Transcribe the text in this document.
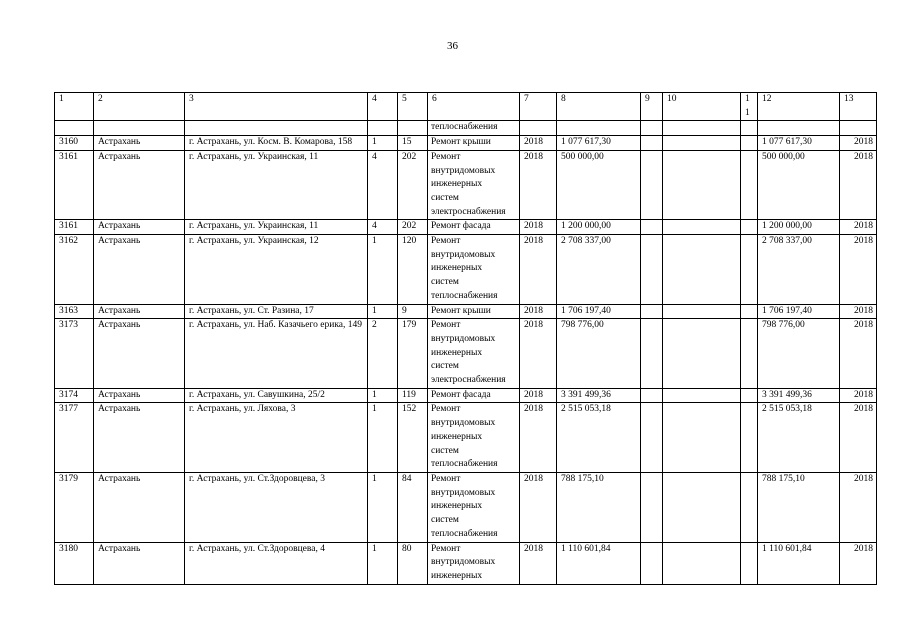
36
1	2	3	4	5	6	7	8	9	10	11	12	13
					теплоснабжения							
3160	Астрахань	г. Астрахань, ул. Косм. В. Комарова, 158	1	15	Ремонт крыши	2018	1 077 617,30				1 077 617,30	2018
3161	Астрахань	г. Астрахань, ул. Украинская, 11	4	202	Ремонт
внутридомовых
инженерных
систем
электроснабжения	2018	500 000,00				500 000,00	2018
3161	Астрахань	г. Астрахань, ул. Украинская, 11	4	202	Ремонт фасада	2018	1 200 000,00				1 200 000,00	2018
3162	Астрахань	г. Астрахань, ул. Украинская, 12	1	120	Ремонт
внутридомовых
инженерных
систем
теплоснабжения	2018	2 708 337,00				2 708 337,00	2018
3163	Астрахань	г. Астрахань, ул. Ст. Разина, 17	1	9	Ремонт крыши	2018	1 706 197,40				1 706 197,40	2018
3173	Астрахань	г. Астрахань, ул. Наб. Казачьего ерика, 149	2	179	Ремонт
внутридомовых
инженерных
систем
электроснабжения	2018	798 776,00				798 776,00	2018
3174	Астрахань	г. Астрахань, ул. Савушкина, 25/2	1	119	Ремонт фасада	2018	3 391 499,36				3 391 499,36	2018
3177	Астрахань	г. Астрахань, ул. Ляхова, 3	1	152	Ремонт
внутридомовых
инженерных
систем
теплоснабжения	2018	2 515 053,18				2 515 053,18	2018
3179	Астрахань	г. Астрахань, ул. Ст.Здоровцева, 3	1	84	Ремонт
внутридомовых
инженерных
систем
теплоснабжения	2018	788 175,10				788 175,10	2018
3180	Астрахань	г. Астрахань, ул. Ст.Здоровцева, 4	1	80	Ремонт
внутридомовых
инженерных	2018	1 110 601,84				1 110 601,84	2018
